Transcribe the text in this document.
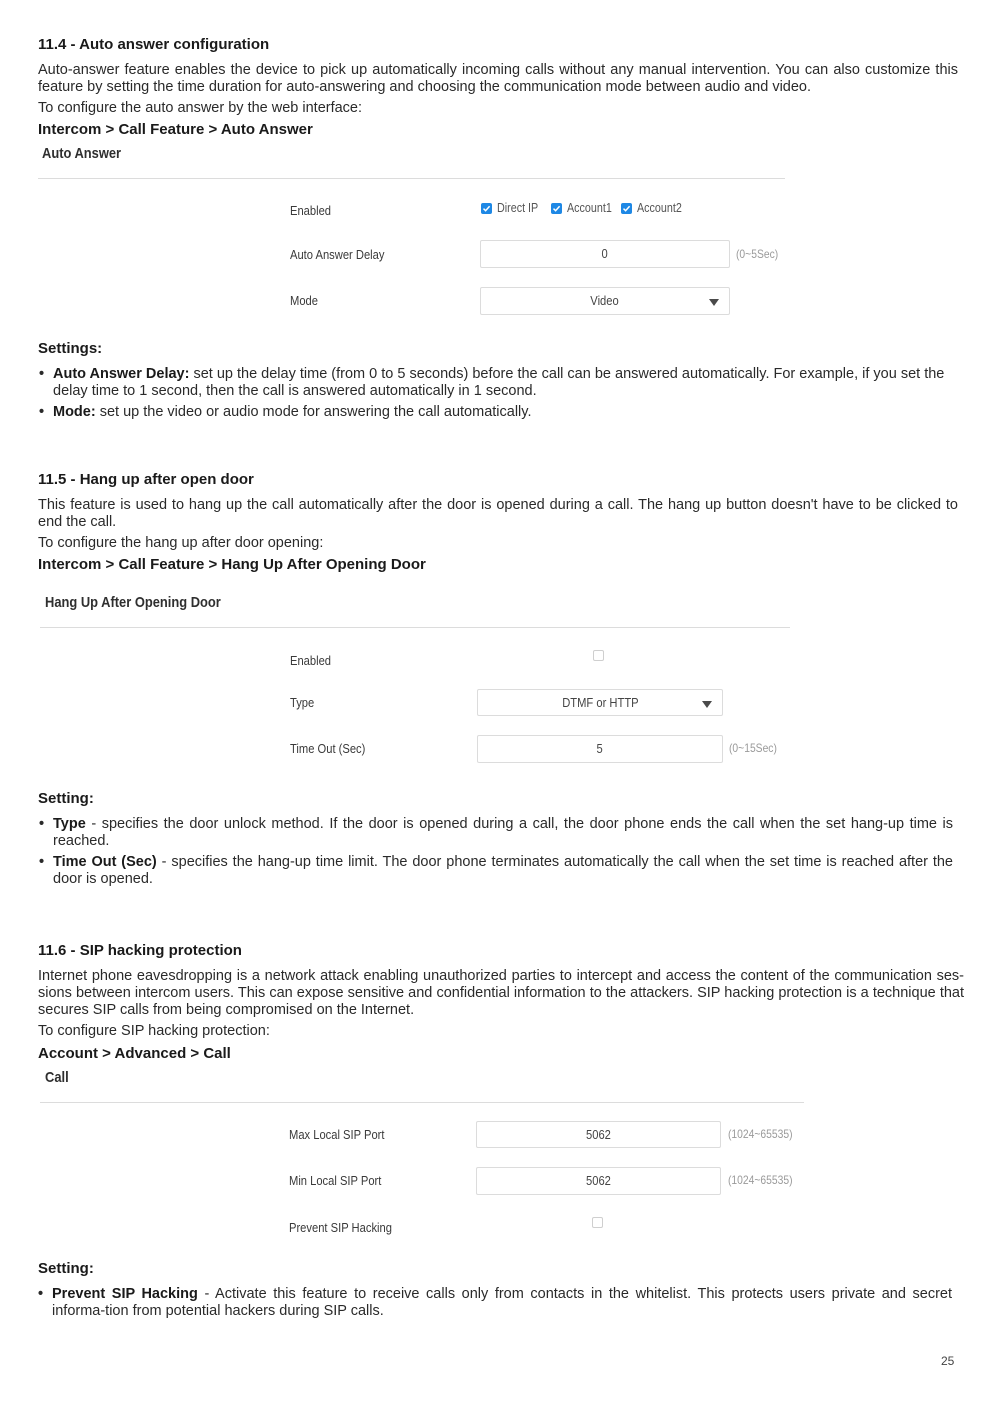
11.4 - Auto answer configuration
Auto-answer feature enables the device to pick up automatically incoming calls without any manual intervention. You can also customize this feature by setting the time duration for auto-answering and choosing the communication mode between audio and video.
To configure the auto answer by the web interface:
Intercom > Call Feature > Auto Answer
Auto Answer
Enabled	Direct IP	Account1	Account2
Auto Answer Delay	0	(0~5Sec)
Mode	Video
Settings:
• Auto Answer Delay: set up the delay time (from 0 to 5 seconds) before the call can be answered automatically. For example, if you set the delay time to 1 second, then the call is answered automatically in 1 second.
• Mode: set up the video or audio mode for answering the call automatically.
11.5 - Hang up after open door
This feature is used to hang up the call automatically after the door is opened during a call. The hang up button doesn't have to be clicked to end the call.
To configure the hang up after door opening:
Intercom > Call Feature > Hang Up After Opening Door
Hang Up After Opening Door
Enabled
Type	DTMF or HTTP
Time Out (Sec)	5	(0~15Sec)
Setting:
• Type - specifies the door unlock method. If the door is opened during a call, the door phone ends the call when the set hang-up time is reached.
• Time Out (Sec) - specifies the hang-up time limit. The door phone terminates automatically the call when the set time is reached after the door is opened.
11.6 - SIP hacking protection
Internet phone eavesdropping is a network attack enabling unauthorized parties to intercept and access the content of the communication ses-sions between intercom users. This can expose sensitive and confidential information to the attackers. SIP hacking protection is a technique that secures SIP calls from being compromised on the Internet.
To configure SIP hacking protection:
Account > Advanced > Call
Call
Max Local SIP Port	5062	(1024~65535)
Min Local SIP Port	5062	(1024~65535)
Prevent SIP Hacking
Setting:
• Prevent SIP Hacking - Activate this feature to receive calls only from contacts in the whitelist. This protects users private and secret informa-tion from potential hackers during SIP calls.
25
